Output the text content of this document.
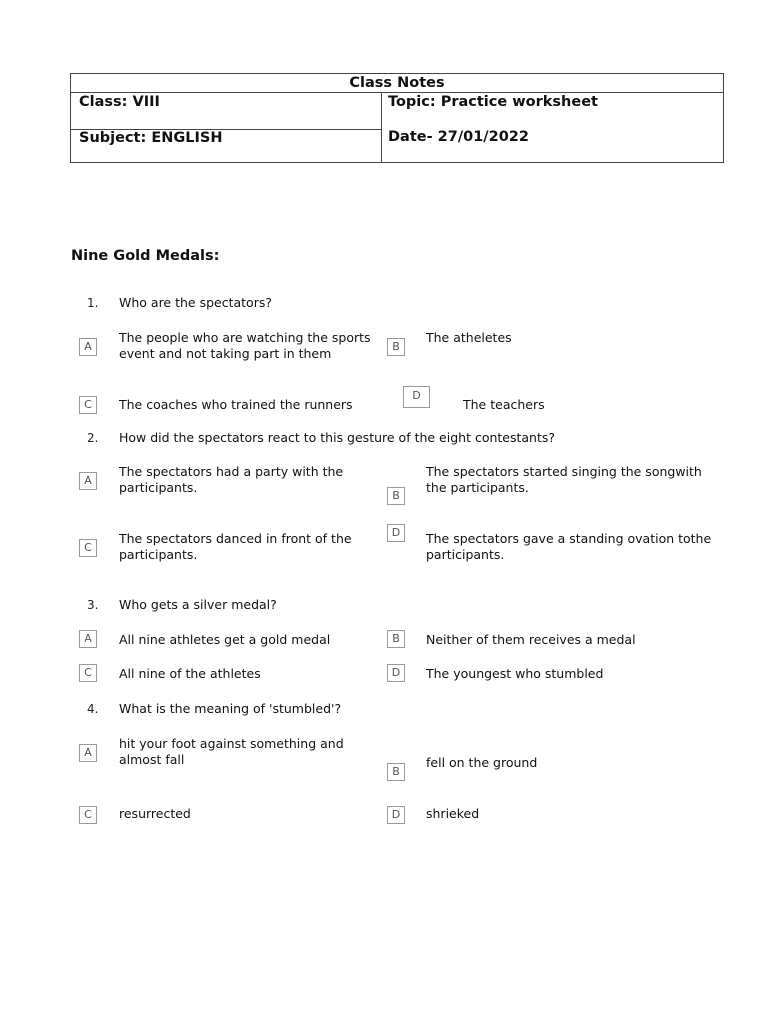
Class Notes
Class: VIII	Topic: Practice worksheet
Subject: ENGLISH	Date- 27/01/2022
Nine Gold Medals:
1. Who are the spectators?
A
The people who are watching the sports
event and not taking part in them	B
The atheletes
C	The coaches who trained the runners
D
The teachers
2. How did the spectators react to this gesture of the eight contestants?
A
The spectators had a party with the
participants.
B
The spectators started singing the songwith
the participants.
C
The spectators danced in front of the
participants.
D	The spectators gave a standing ovation tothe
participants.
3. Who gets a silver medal?
A	All nine athletes get a gold medal	B	Neither of them receives a medal
C	All nine of the athletes	D	The youngest who stumbled
4. What is the meaning of 'stumbled'?
A
hit your foot against something and
almost fall
B
fell on the ground
C	resurrected	D	shrieked
